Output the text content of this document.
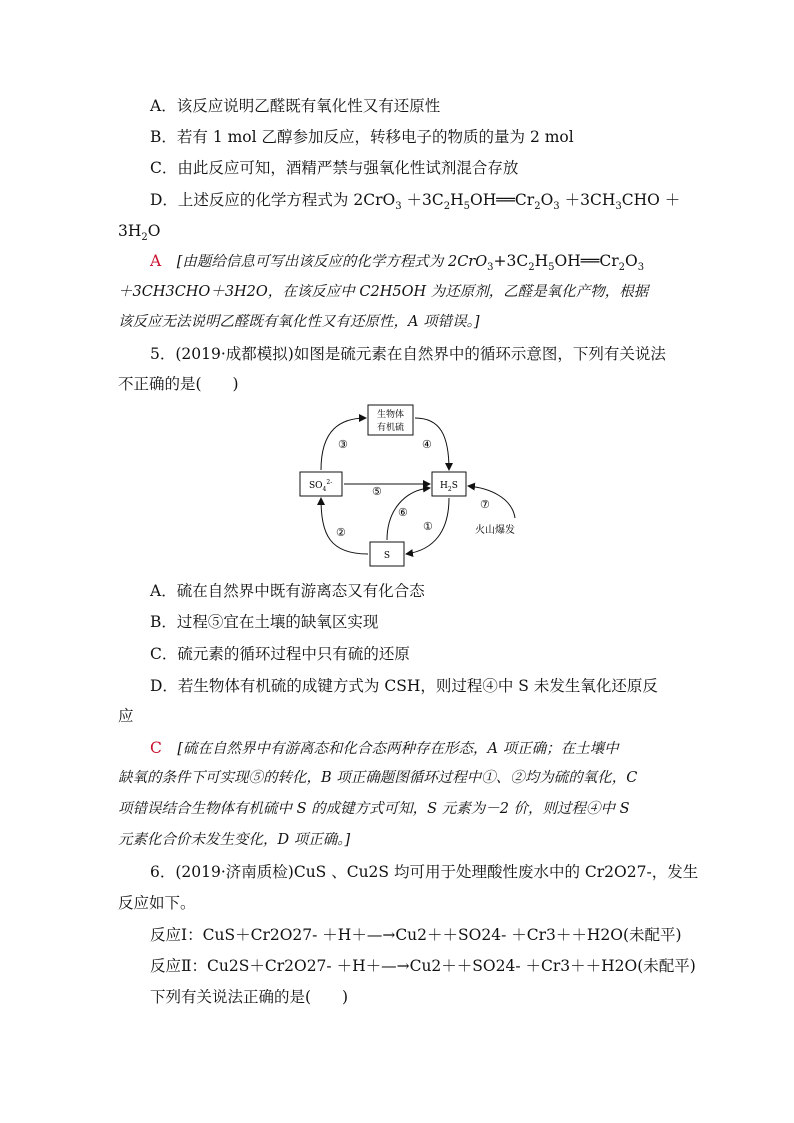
A．该反应说明乙醛既有氧化性又有还原性
B．若有 1 mol 乙醇参加反应，转移电子的物质的量为 2 mol
C．由此反应可知，酒精严禁与强氧化性试剂混合存放
D．上述反应的化学方程式为 $2CrO_3 +3C_2H_5OH══Cr_2O_3 +3CH_3CHO$ ＋
$3H_2O$
A　 [由题给信息可写出该反应的化学方程式为 $2CrO_3+3C_2H_5OH══Cr_2O_3$
＋3CH3CHO＋3H2O，在该反应中 C2H5OH 为还原剂，乙醛是氧化产物，根据
该反应无法说明乙醛既有氧化性又有还原性，A 项错误。]
5．(2019·成都模拟)如图是硫元素在自然界中的循环示意图，下列有关说法
不正确的是(　　)
生物体
有机硫
$SO_4^{2-}$	$H_2S$
S
③	④
⑤
②
⑥
①
⑦
火山爆发
A．硫在自然界中既有游离态又有化合态
B．过程⑤宜在土壤的缺氧区实现
C．硫元素的循环过程中只有硫的还原
D．若生物体有机硫的成键方式为 CSH，则过程④中 S 未发生氧化还原反
应
C　 [硫在自然界中有游离态和化合态两种存在形态，A 项正确；在土壤中
缺氧的条件下可实现⑤的转化，B 项正确题图循环过程中①、②均为硫的氧化，C
项错误结合生物体有机硫中 S 的成键方式可知，S 元素为－2 价，则过程④中 S
元素化合价未发生变化，D 项正确。]
6．(2019·济南质检)CuS 、Cu2S 均可用于处理酸性废水中的 Cr2O27-，发生
反应如下。
反应Ⅰ：CuS＋Cr2O27- ＋H＋—→Cu2＋＋SO24- ＋Cr3＋＋H2O(未配平)
反应Ⅱ：Cu2S＋Cr2O27- ＋H＋—→Cu2＋＋SO24- ＋Cr3＋＋H2O(未配平)
下列有关说法正确的是(　　)
